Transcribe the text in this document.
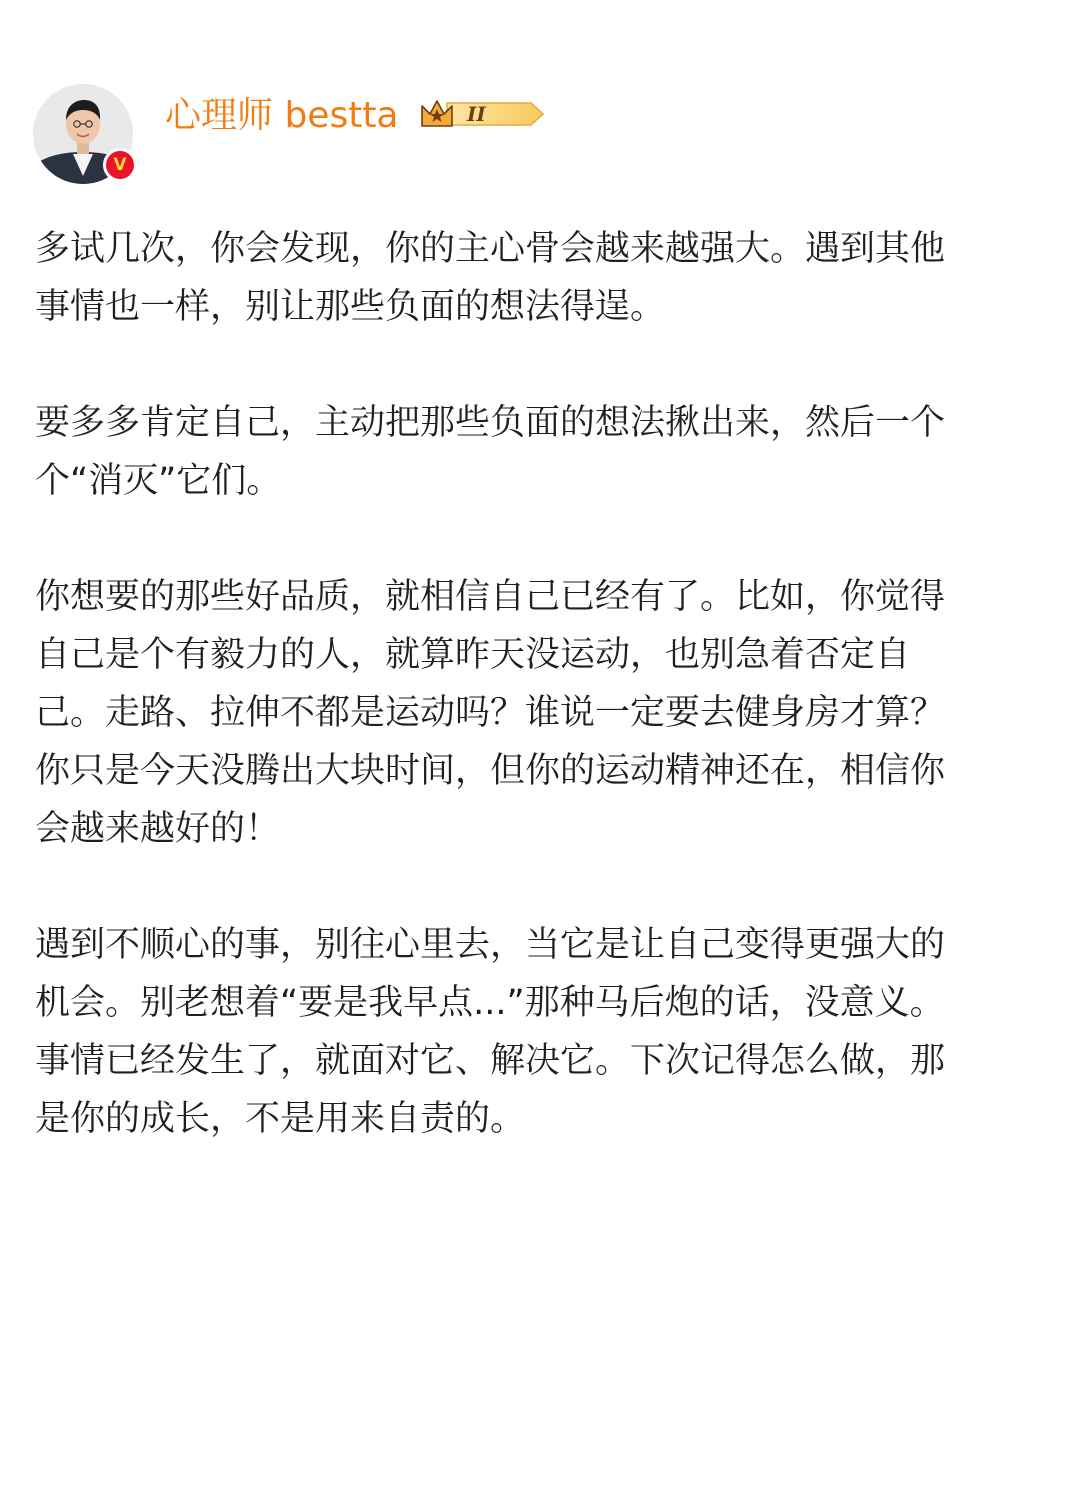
V
心理师 bestta	II

多试几次，你会发现，你的主心骨会越来越强大。遇到其他
事情也一样，别让那些负面的想法得逞。

要多多肯定自己，主动把那些负面的想法揪出来，然后一个
个“消灭”它们。

你想要的那些好品质，就相信自己已经有了。比如，你觉得
自己是个有毅力的人，就算昨天没运动，也别急着否定自
己。走路、拉伸不都是运动吗？谁说一定要去健身房才算？
你只是今天没腾出大块时间，但你的运动精神还在，相信你
会越来越好的！

遇到不顺心的事，别往心里去，当它是让自己变得更强大的
机会。别老想着“要是我早点...”那种马后炮的话，没意义。
事情已经发生了，就面对它、解决它。下次记得怎么做，那
是你的成长，不是用来自责的。
